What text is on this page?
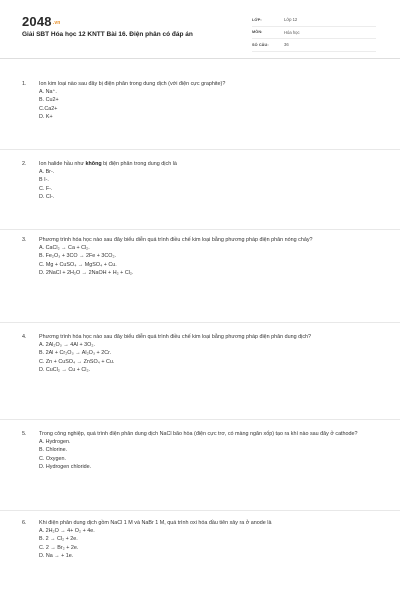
2048.vn
Giải SBT Hóa học 12 KNTT Bài 16. Điện phân có đáp án
LỚP:	Lớp 12
MÔN:	Hóa học
SỐ CÂU:	36
1.	Ion kim loại nào sau đây bị điện phân trong dung dịch (với điện cực graphite)?
A. Na⁺.
B. Cu2+
C.Ca2+
D. K+
2.	Ion halide hầu như không bị điện phân trong dung dịch là
A. Br-.
B I-.
C. F-.
D. Cl-.
3.	Phương trình hóa học nào sau đây biểu diễn quá trình điều chế kim loại bằng phương pháp điện phân nóng chảy?
A. CaCl₂ → Ca + Cl₂.
B. Fe₂O₃ + 3CO → 2Fe + 3CO₂.
C. Mg + CuSO₄ → MgSO₄ + Cu.
D. 2NaCl + 2H₂O → 2NaOH + H₂ + Cl₂.
4.	Phương trình hóa học nào sau đây biểu diễn quá trình điều chế kim loại bằng phương pháp điện phân dung dịch?
A. 2Al₂O₃ → 4Al + 3O₂.
B. 2Al + Cr₂O₃ → Al₂O₃ + 2Cr.
C. Zn + CuSO₄ → ZnSO₄ + Cu.
D. CuCl₂ → Cu + Cl₂.
5.	Trong công nghiệp, quá trình điện phân dung dịch NaCl bão hòa (điện cực trơ, có màng ngăn xốp) tạo ra khí nào sau đây ở cathode?
A. Hydrogen.
B. Chlorine.
C. Oxygen.
D. Hydrogen chloride.
6.	Khi điện phân dung dịch gồm NaCl 1 M và NaBr 1 M, quá trình oxi hóa đầu tiên xảy ra ở anode là
A. 2H₂O → 4+ O₂ + 4e.
B. 2 → Cl₂ + 2e.
C. 2 → Br₂ + 2e.
D. Na → + 1e.
